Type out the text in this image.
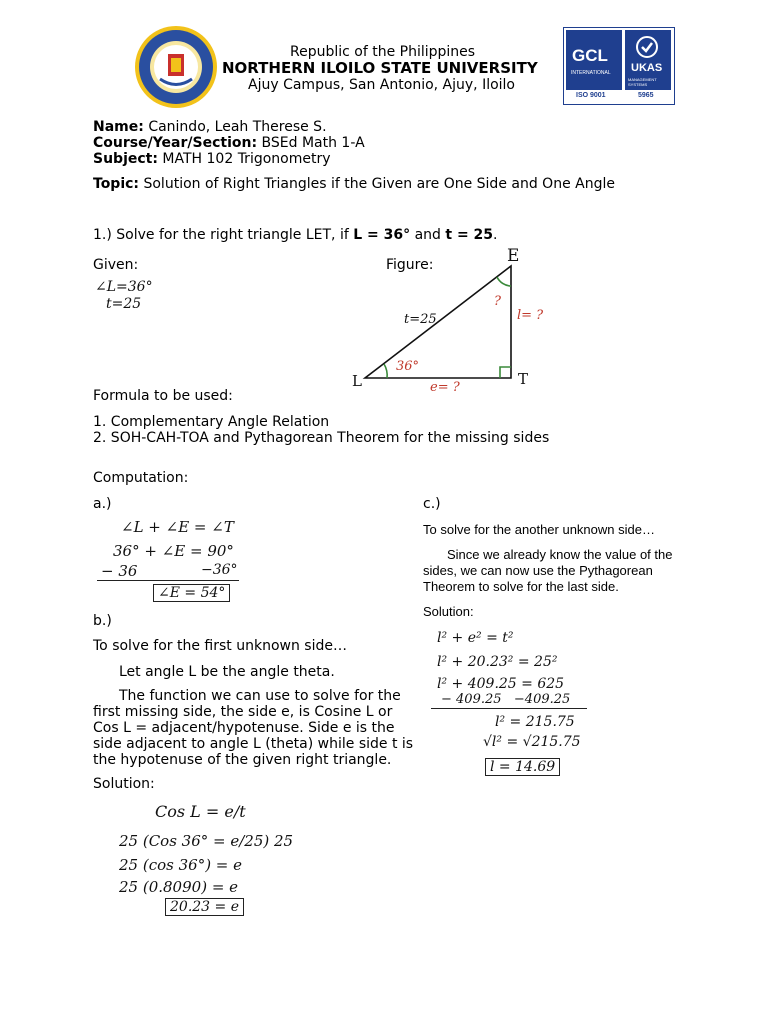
Republic of the Philippines
NORTHERN ILOILO STATE UNIVERSITY
Ajuy Campus, San Antonio, Ajuy, Iloilo
GCL
INTERNATIONAL UKAS
MANAGEMENT SYSTEMS
ISO 9001	5965
Name: Canindo, Leah Therese S.
Course/Year/Section: BSEd Math 1-A
Subject: MATH 102 Trigonometry
Topic: Solution of Right Triangles if the Given are One Side and One Angle
1.) Solve for the right triangle LET, if L = 36° and t = 25.
Given:
∠L=36°
t=25
Figure:	E
L	T
t=25	l= ?
e= ?
36°
?
Formula to be used:
1. Complementary Angle Relation
2. SOH-CAH-TOA and Pythagorean Theorem for the missing sides
Computation:
a.)
∠L + ∠E = ∠T
36° + ∠E = 90°
− 36	−36°
∠E = 54°
b.)
To solve for the first unknown side…
Let angle L be the angle theta.
The function we can use to solve for the first missing side, the side e, is Cosine L or Cos L = adjacent/hypotenuse. Side e is the side adjacent to angle L (theta) while side t is the hypotenuse of the given right triangle.
Solution:
Cos L = e/t
25 (Cos 36° = e/25) 25
25 (cos 36°) = e
25 (0.8090) = e
20.23 = e
c.)
To solve for the another unknown side…
Since we already know the value of the sides, we can now use the Pythagorean Theorem to solve for the last side.
Solution:
l² + e² = t²
l² + 20.23² = 25²
l² + 409.25 = 625
− 409.25   −409.25
l² = 215.75
√l² = √215.75
l = 14.69
